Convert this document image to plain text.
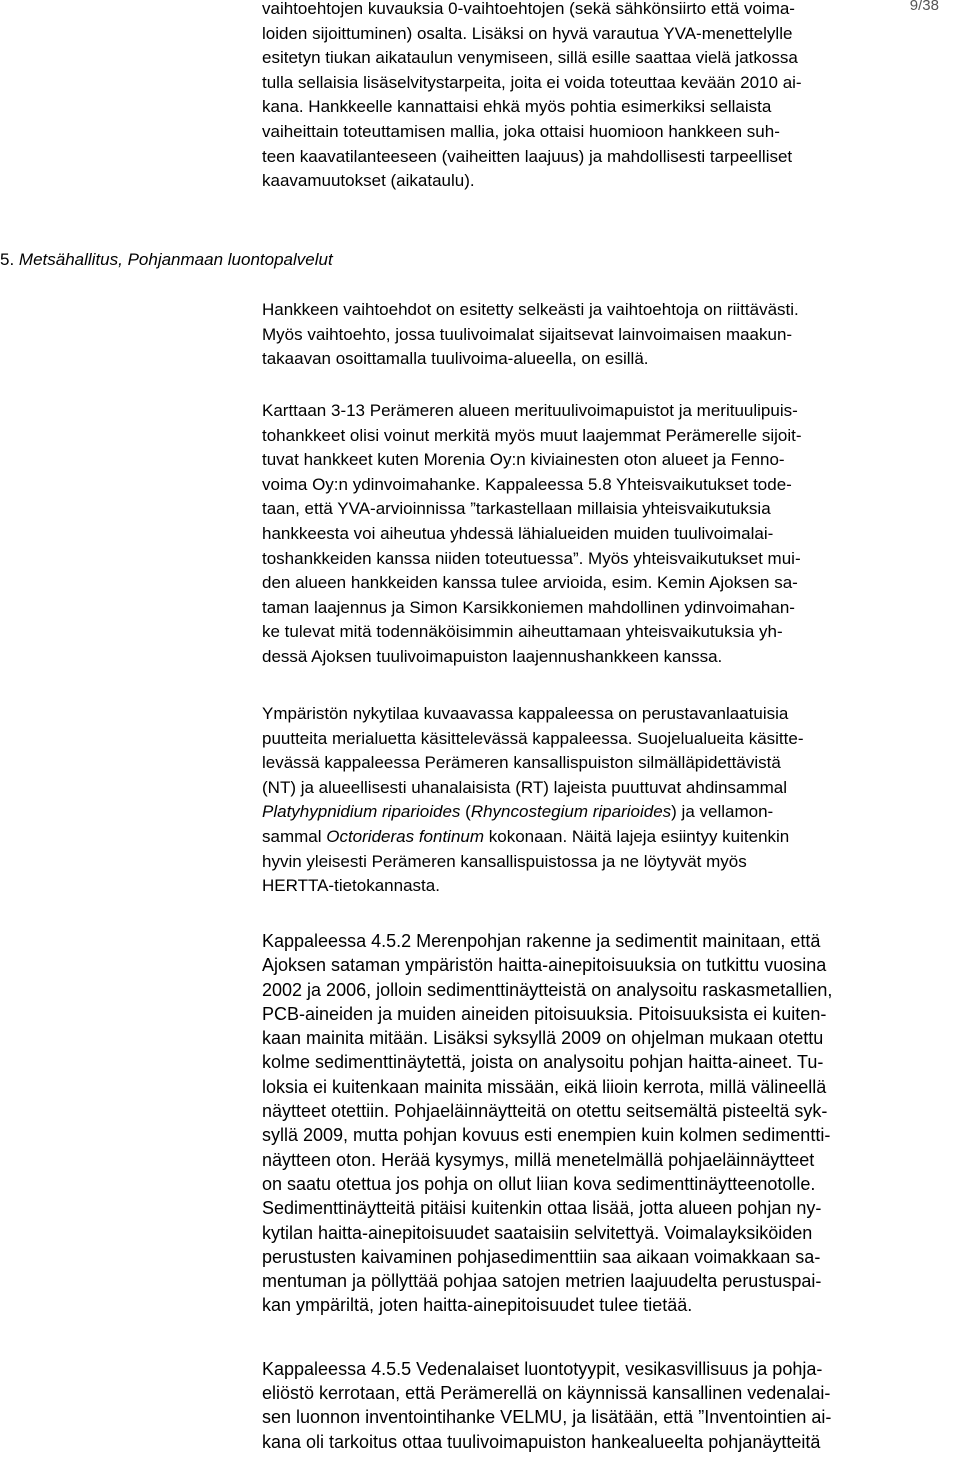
9/38
vaihtoehtojen kuvauksia 0-vaihtoehtojen (sekä sähkönsiirto että voima-
loiden sijoittuminen) osalta. Lisäksi on hyvä varautua YVA-menettelylle
esitetyn tiukan aikataulun venymiseen, sillä esille saattaa vielä jatkossa
tulla sellaisia lisäselvitystarpeita, joita ei voida toteuttaa kevään 2010 ai-
kana. Hankkeelle kannattaisi ehkä myös pohtia esimerkiksi sellaista
vaiheittain toteuttamisen mallia, joka ottaisi huomioon hankkeen suh-
teen kaavatilanteeseen (vaiheitten laajuus) ja mahdollisesti tarpeelliset
kaavamuutokset (aikataulu).
5. Metsähallitus, Pohjanmaan luontopalvelut
Hankkeen vaihtoehdot on esitetty selkeästi ja vaihtoehtoja on riittävästi.
Myös vaihtoehto, jossa tuulivoimalat sijaitsevat lainvoimaisen maakun-
takaavan osoittamalla tuulivoima-alueella, on esillä.
Karttaan 3-13 Perämeren alueen merituulivoimapuistot ja merituulipuis-
tohankkeet olisi voinut merkitä myös muut laajemmat Perämerelle sijoit-
tuvat hankkeet kuten Morenia Oy:n kiviainesten oton alueet ja Fenno-
voima Oy:n ydinvoimahanke. Kappaleessa 5.8 Yhteisvaikutukset tode-
taan, että YVA-arvioinnissa ”tarkastellaan millaisia yhteisvaikutuksia
hankkeesta voi aiheutua yhdessä lähialueiden muiden tuulivoimalai-
toshankkeiden kanssa niiden toteutuessa”. Myös yhteisvaikutukset mui-
den alueen hankkeiden kanssa tulee arvioida, esim. Kemin Ajoksen sa-
taman laajennus ja Simon Karsikkoniemen mahdollinen ydinvoimahan-
ke tulevat mitä todennäköisimmin aiheuttamaan yhteisvaikutuksia yh-
dessä Ajoksen tuulivoimapuiston laajennushankkeen kanssa.
Ympäristön nykytilaa kuvaavassa kappaleessa on perustavanlaatuisia
puutteita merialuetta käsittelevässä kappaleessa. Suojelualueita käsitte-
levässä kappaleessa Perämeren kansallispuiston silmälläpidettävistä
(NT) ja alueellisesti uhanalaisista (RT) lajeista puuttuvat ahdinsammal
Platyhypnidium riparioides (Rhyncostegium riparioides) ja vellamon-
sammal Octorideras fontinum kokonaan. Näitä lajeja esiintyy kuitenkin
hyvin yleisesti Perämeren kansallispuistossa ja ne löytyvät myös
HERTTA-tietokannasta.
Kappaleessa 4.5.2 Merenpohjan rakenne ja sedimentit mainitaan, että
Ajoksen sataman ympäristön haitta-ainepitoisuuksia on tutkittu vuosina
2002 ja 2006, jolloin sedimenttinäytteistä on analysoitu raskasmetallien,
PCB-aineiden ja muiden aineiden pitoisuuksia. Pitoisuuksista ei kuiten-
kaan mainita mitään. Lisäksi syksyllä 2009 on ohjelman mukaan otettu
kolme sedimenttinäytettä, joista on analysoitu pohjan haitta-aineet. Tu-
loksia ei kuitenkaan mainita missään, eikä liioin kerrota, millä välineellä
näytteet otettiin. Pohjaeläinnäytteitä on otettu seitsemältä pisteeltä syk-
syllä 2009, mutta pohjan kovuus esti enempien kuin kolmen sedimentti-
näytteen oton. Herää kysymys, millä menetelmällä pohjaeläinnäytteet
on saatu otettua jos pohja on ollut liian kova sedimenttinäytteenotolle.
Sedimenttinäytteitä pitäisi kuitenkin ottaa lisää, jotta alueen pohjan ny-
kytilan haitta-ainepitoisuudet saataisiin selvitettyä. Voimalayksiköiden
perustusten kaivaminen pohjasedimenttiin saa aikaan voimakkaan sa-
mentuman ja pöllyttää pohjaa satojen metrien laajuudelta perustuspai-
kan ympäriltä, joten haitta-ainepitoisuudet tulee tietää.
Kappaleessa 4.5.5 Vedenalaiset luontotyypit, vesikasvillisuus ja pohja-
eliöstö kerrotaan, että Perämerellä on käynnissä kansallinen vedenalai-
sen luonnon inventointihanke VELMU, ja lisätään, että ”Inventointien ai-
kana oli tarkoitus ottaa tuulivoimapuiston hankealueelta pohjanäytteitä
